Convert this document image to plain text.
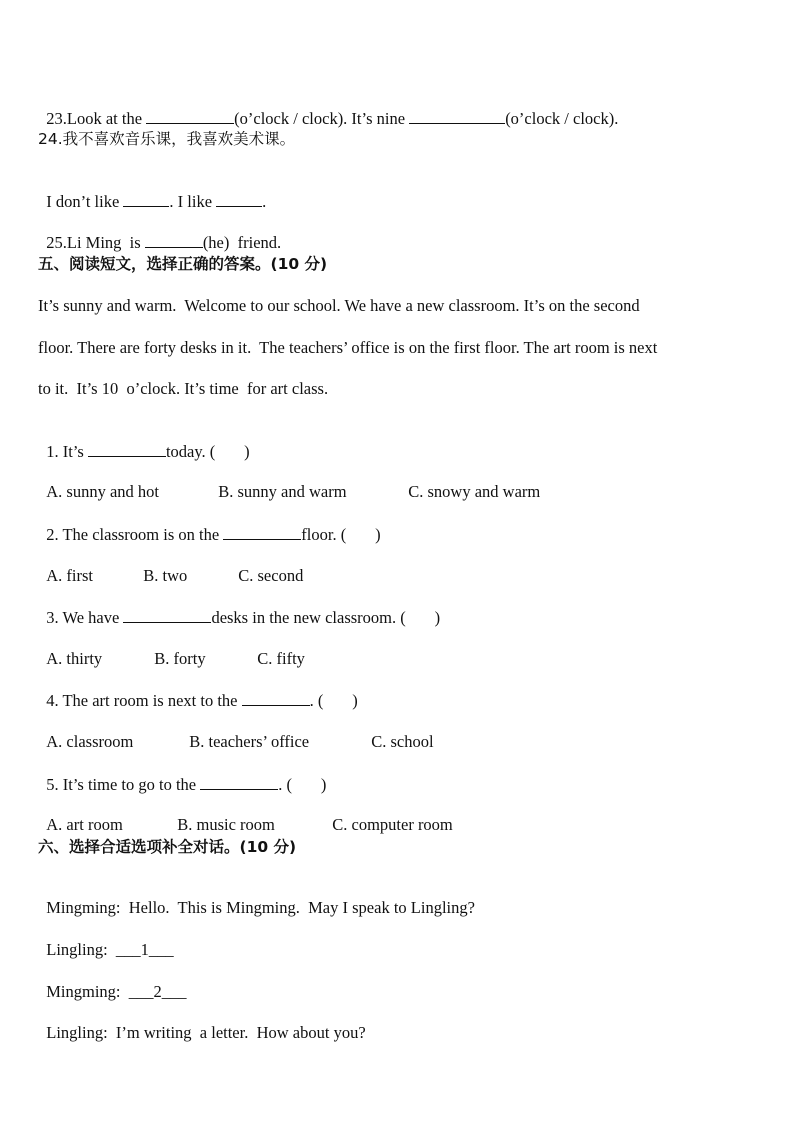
23.Look at the	(o’clock / clock). It’s nine	(o’clock / clock).

24.我不喜欢音乐课，我喜欢美术课。

I don’t like	. I like	.

25.Li Ming  is	(he)  friend.

五、阅读短文，选择正确的答案。(10 分)
It’s sunny and warm.  Welcome to our school. We have a new classroom. It’s on the second
floor. There are forty desks in it.  The teachers’ office is on the first floor. The art room is next
to it.  It’s 10  o’clock. It’s time  for art class.

1. It’s	today. (       )

A. sunny and hot	B. sunny and warm	C. snowy and warm

2. The classroom is on the	floor. (       )

A. first	B. two	C. second

3. We have	desks in the new classroom. (       )

A. thirty	B. forty	C. fifty

4. The art room is next to the	. (       )

A. classroom	B. teachers’ office	C. school

5. It’s time to go to the	. (       )

A. art room	B. music room	C. computer room

六、选择合适选项补全对话。(10 分)

Mingming:  Hello.  This is Mingming.  May I speak to Lingling?

Lingling: ___1___

Mingming: ___2___

Lingling:  I’m writing  a letter.  How about you?
